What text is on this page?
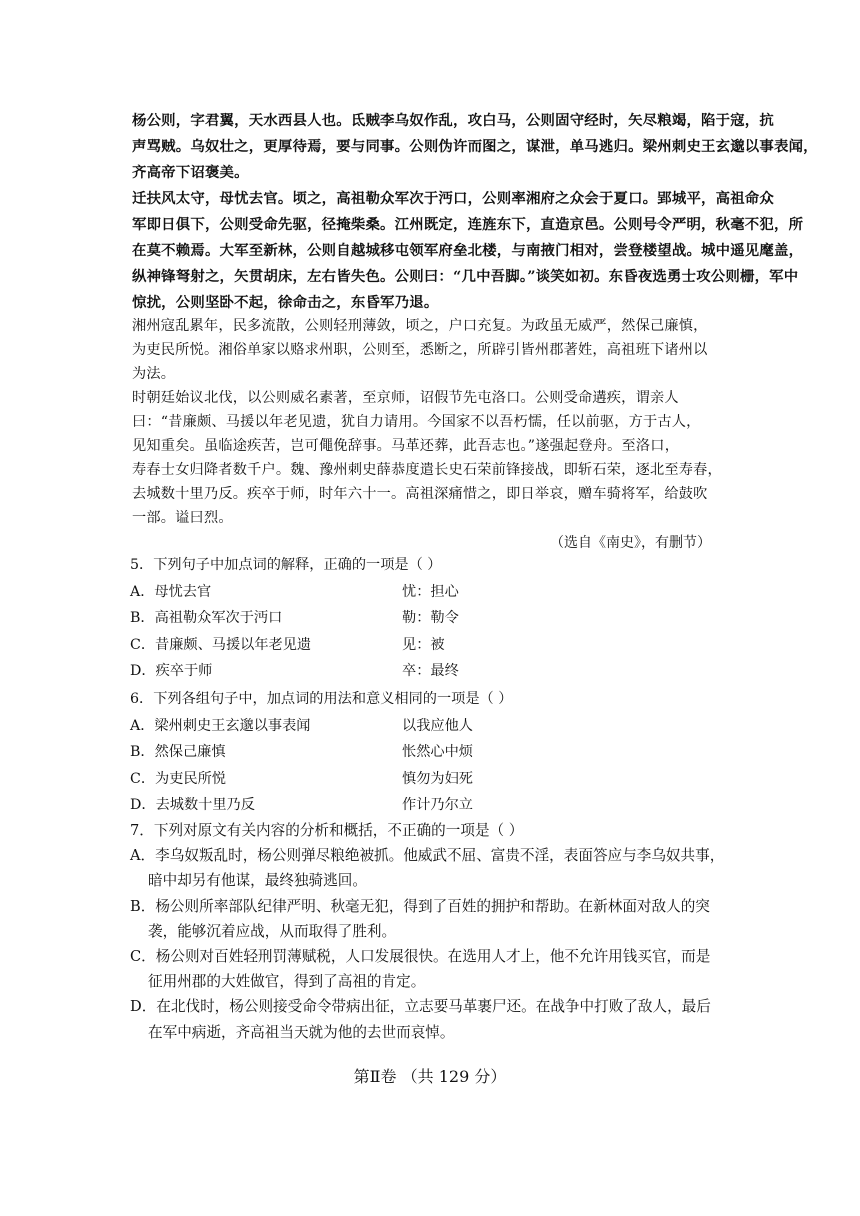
杨公则，字君翼，天水西县人也。氐贼李乌奴作乱，攻白马，公则固守经时，矢尽粮竭，陷于寇，抗
声骂贼。乌奴壮之，更厚待焉，要与同事。公则伪许而图之，谋泄，单马逃归。梁州刺史王玄邈以事表闻，
齐高帝下诏褒美。
迁扶风太守，母忧去官。顷之，高祖勒众军次于沔口，公则率湘府之众会于夏口。郢城平，高祖命众
军即日俱下，公则受命先驱，径掩柴桑。江州既定，连旌东下，直造京邑。公则号令严明，秋毫不犯，所
在莫不赖焉。大军至新林，公则自越城移屯领军府垒北楼，与南掖门相对，尝登楼望战。城中遥见麾盖，
纵神锋弩射之，矢贯胡床，左右皆失色。公则曰：“几中吾脚。”谈笑如初。东昏夜选勇士攻公则栅，军中
惊扰，公则坚卧不起，徐命击之，东昏军乃退。
湘州寇乱累年，民多流散，公则轻刑薄敛，顷之，户口充复。为政虽无威严，然保己廉慎，
为吏民所悦。湘俗单家以赂求州职，公则至，悉断之，所辟引皆州郡著姓，高祖班下诸州以
为法。
时朝廷始议北伐，以公则威名素著，至京师，诏假节先屯洛口。公则受命遘疾，谓亲人
曰：“昔廉颇、马援以年老见遗，犹自力请用。今国家不以吾朽懦，任以前驱，方于古人，
见知重矣。虽临途疾苦，岂可僶俛辞事。马革还葬，此吾志也。”遂强起登舟。至洛口，
寿春士女归降者数千户。魏、豫州刺史薛恭度遣长史石荣前锋接战，即斩石荣，逐北至寿春，
去城数十里乃反。疾卒于师，时年六十一。高祖深痛惜之，即日举哀，赠车骑将军，给鼓吹
一部。谥曰烈。
（选自《南史》，有删节）
5．下列句子中加点词的解释，正确的一项是（ ）
A．母忧去官	忧：担心
B．高祖勒众军次于沔口	勒：勒令
C．昔廉颇、马援以年老见遗	见：被
D．疾卒于师	卒：最终
6．下列各组句子中，加点词的用法和意义相同的一项是（ ）
A．梁州刺史王玄邈以事表闻	以我应他人
B．然保己廉慎	怅然心中烦
C．为吏民所悦	慎勿为妇死
D．去城数十里乃反	作计乃尔立
7．下列对原文有关内容的分析和概括，不正确的一项是（ ）
A．李乌奴叛乱时，杨公则弹尽粮绝被抓。他威武不屈、富贵不淫，表面答应与李乌奴共事，
暗中却另有他谋，最终独骑逃回。
B．杨公则所率部队纪律严明、秋毫无犯，得到了百姓的拥护和帮助。在新林面对敌人的突
袭，能够沉着应战，从而取得了胜利。
C．杨公则对百姓轻刑罚薄赋税，人口发展很快。在选用人才上，他不允许用钱买官，而是
征用州郡的大姓做官，得到了高祖的肯定。
D．在北伐时，杨公则接受命令带病出征，立志要马革裹尸还。在战争中打败了敌人，最后
在军中病逝，齐高祖当天就为他的去世而哀悼。
第Ⅱ卷 （共 129 分）
